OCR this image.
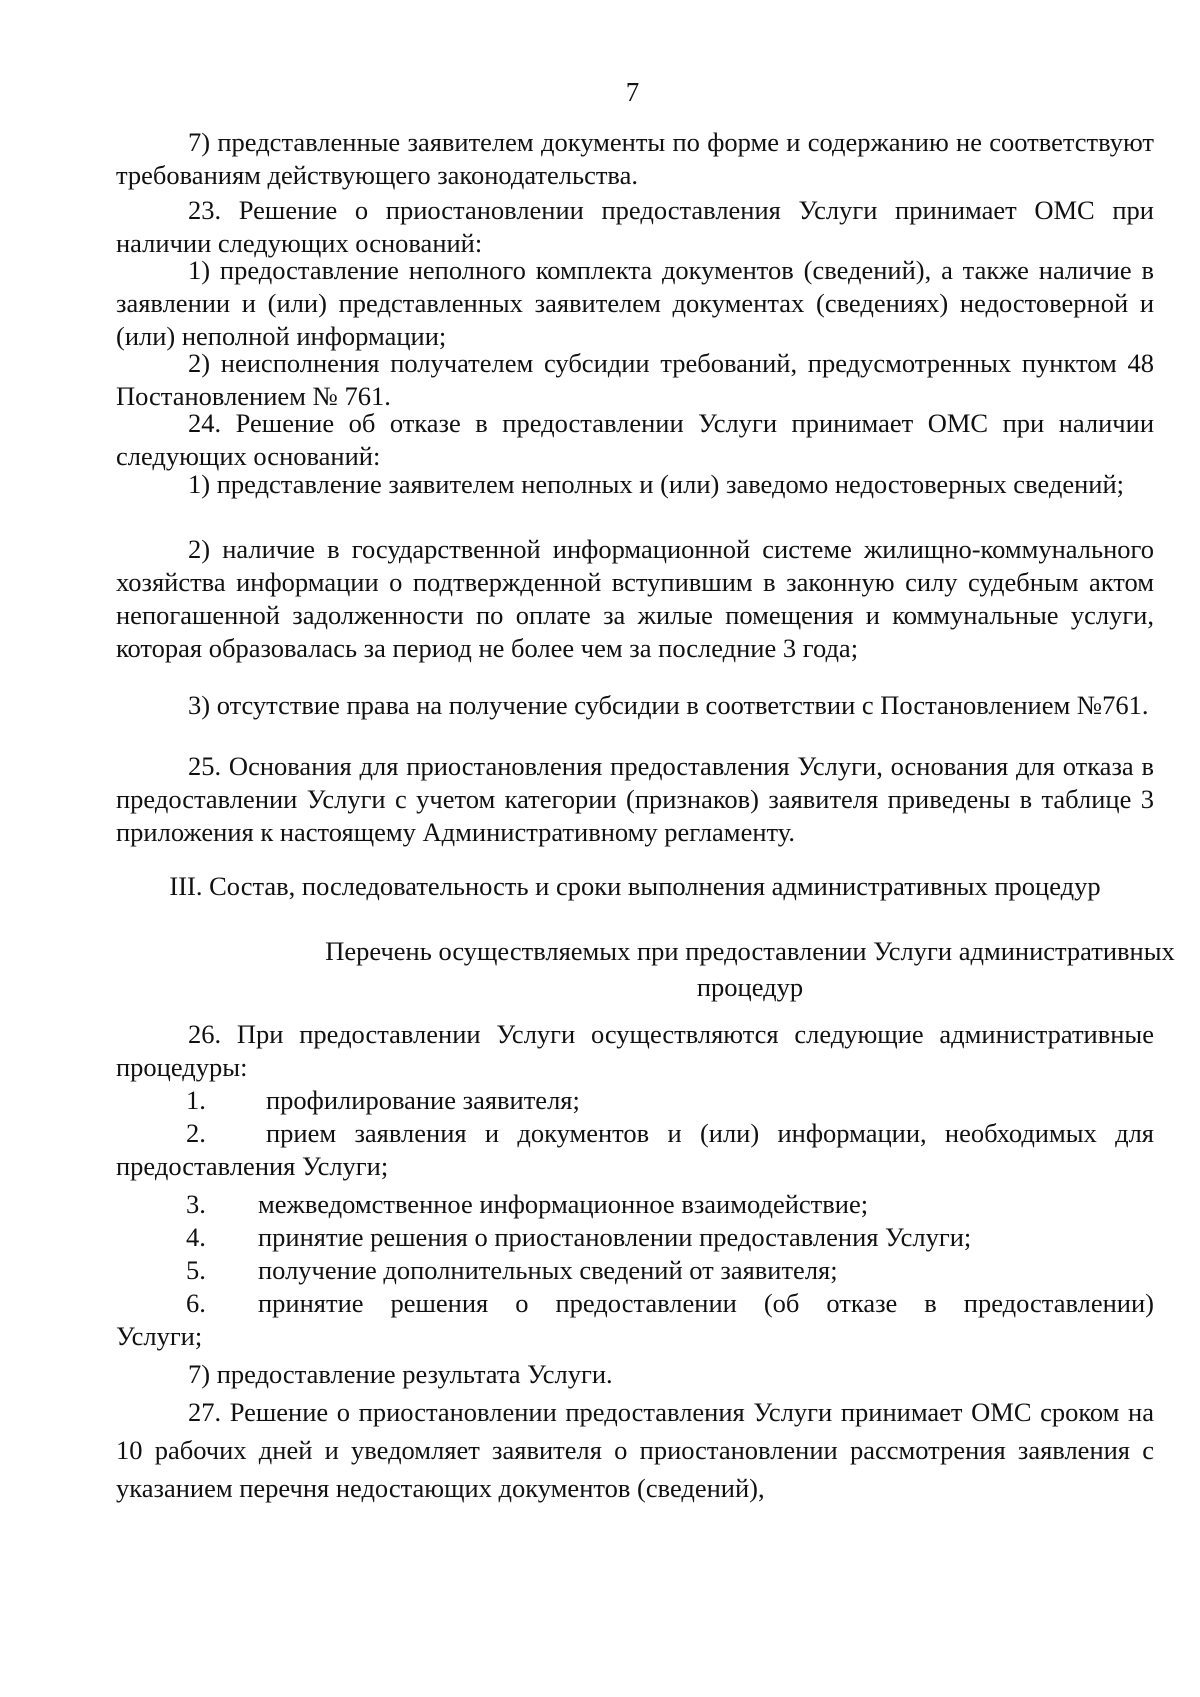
7

7) представленные заявителем документы по форме и содержанию не соответствуют требованиям действующего законодательства.

23. Решение о приостановлении предоставления Услуги принимает ОМС при наличии следующих оснований:

1) предоставление неполного комплекта документов (сведений), а также наличие в заявлении и (или) представленных заявителем документах (сведениях) недостоверной и (или) неполной информации;

2) неисполнения получателем субсидии требований, предусмотренных пунктом 48 Постановлением № 761.

24. Решение об отказе в предоставлении Услуги принимает ОМС при наличии следующих оснований:

1) представление заявителем неполных и (или) заведомо недостоверных сведений;

2) наличие в государственной информационной системе жилищно-коммунального хозяйства информации о подтвержденной вступившим в законную силу судебным актом непогашенной задолженности по оплате за жилые помещения и коммунальные услуги, которая образовалась за период не более чем за последние 3 года;

3) отсутствие права на получение субсидии в соответствии с Постановлением №761.

25. Основания для приостановления предоставления Услуги, основания для отказа в предоставлении Услуги с учетом категории (признаков) заявителя приведены в таблице 3 приложения к настоящему Административному регламенту.

III. Состав, последовательность и сроки выполнения административных процедур
Перечень осуществляемых при предоставлении Услуги административных процедур

26. При предоставлении Услуги осуществляются следующие административные процедуры:

1. профилирование заявителя;
2. прием заявления и документов и (или) информации, необходимых для
предоставления Услуги;
3. межведомственное информационное взаимодействие;
4. принятие решения о приостановлении предоставления Услуги;
5. получение дополнительных сведений от заявителя;
6. принятие решения о предоставлении (об отказе в предоставлении)
Услуги;
7) предоставление результата Услуги.

27. Решение о приостановлении предоставления Услуги принимает ОМС сроком на 10 рабочих дней и уведомляет заявителя о приостановлении рассмотрения заявления с указанием перечня недостающих документов (сведений),
